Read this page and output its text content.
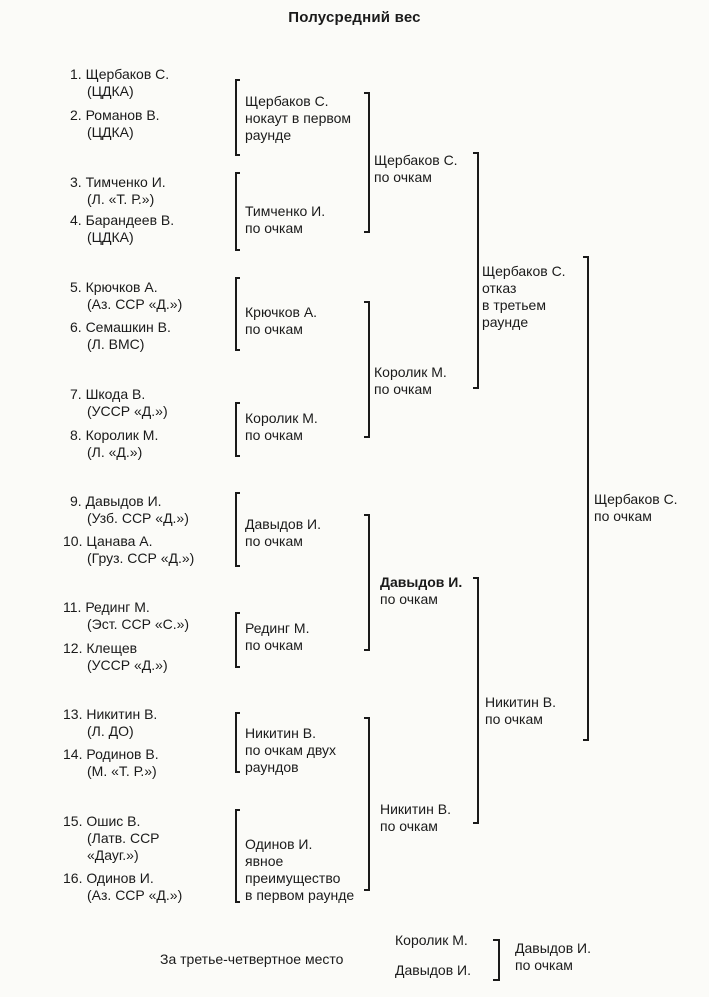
Полусредний вес
1. Щербаков С.
(ЦДКА)
2. Романов В.
(ЦДКА)
3. Тимченко И.
(Л. «Т. Р.»)
4. Барандеев В.
(ЦДКА)
5. Крючков А.
(Аз. ССР «Д.»)
6. Семашкин В.
(Л. ВМС)
7. Шкода В.
(УССР «Д.»)
8. Королик М.
(Л. «Д.»)
9. Давыдов И.
(Узб. ССР «Д.»)
10. Цанава А.
(Груз. ССР «Д.»)
11. Рединг М.
(Эст. ССР «С.»)
12. Клещев
(УССР «Д.»)
13. Никитин В.
(Л. ДО)
14. Родинов В.
(М. «Т. Р.»)
15. Ошис В.
(Латв. ССР
«Дауг.»)
16. Одинов И.
(Аз. ССР «Д.»)
Щербаков С.
нокаут в первом
раунде
Тимченко И.
по очкам
Крючков А.
по очкам
Королик М.
по очкам
Давыдов И.
по очкам
Рединг М.
по очкам
Никитин В.
по очкам двух
раундов
Одинов И.
явное
преимущество
в первом раунде
Щербаков С.
по очкам
Королик М.
по очкам
Давыдов И.
по очкам
Никитин В.
по очкам
Щербаков С.
отказ
в третьем
раунде
Никитин В.
по очкам
Щербаков С.
по очкам
За третье-четвертное место
Королик М.
Давыдов И.
Давыдов И.
по очкам
